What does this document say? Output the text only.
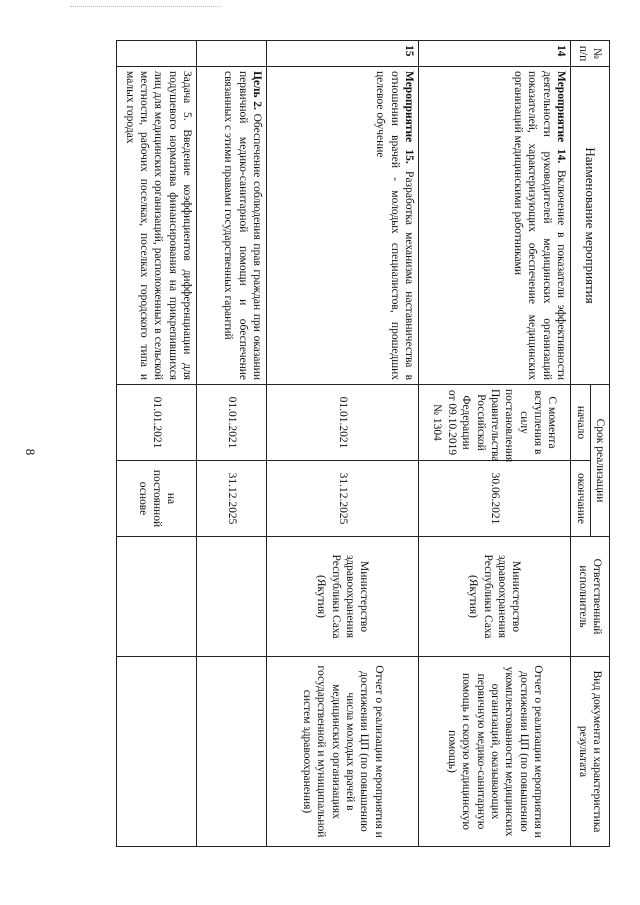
8
№ п/п	Наименование мероприятия	Срок реализации		Ответственный исполнитель	Вид документа и характеристика результата
		начало	окончание		
14	Мероприятие 14. Включение в показатели эффективности деятельности руководителей медицинских организаций показателей, характеризующих обеспечение медицинских организаций медицинскими работниками	С момента вступления в силу постановления Правительства Российской Федерации от 09.10.2019 № 1304	30.06.2021	Министерство здравоохранения Республики Саха (Якутия)	Отчет о реализации мероприятия и достижении ЦП (по повышению укомплектованности медицинских организаций, оказывающих первичную медико-санитарную помощь и скорую медицинскую помощь)
15	Мероприятие 15. Разработка механизма наставничества в отношении врачей - молодых специалистов, прошедших целевое обучение	01.01.2021	31.12.2025	Министерство здравоохранения Республики Саха (Якутия)	Отчет о реализации мероприятия и достижении ЦП (по повышению числа молодых врачей в медицинских организациях государственной и муниципальной систем здравоохранения)
	Цель 2. Обеспечение соблюдения прав граждан при оказании первичной медико-санитарной помощи и обеспечение связанных с этими правами государственных гарантий	01.01.2021	31.12.2025		
	Задача 5. Введение коэффициентов дифференциации для подушевого норматива финансирования на прикрепившихся лиц для медицинских организаций, расположенных в сельской местности, рабочих поселках, поселках городского типа и малых городах	01.01.2021	на постоянной основе		
